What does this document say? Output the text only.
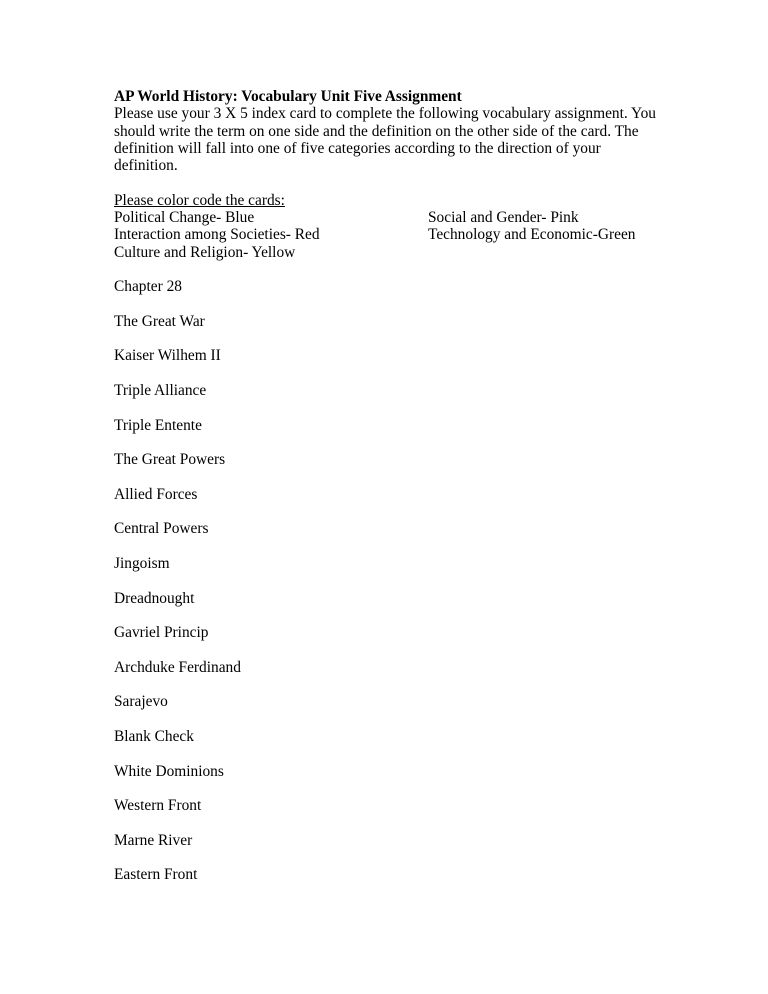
AP World History: Vocabulary Unit Five Assignment
Please use your 3 X 5 index card to complete the following vocabulary assignment. You
should write the term on one side and the definition on the other side of the card. The
definition will fall into one of five categories according to the direction of your
definition.
Please color code the cards:
Political Change- Blue
Interaction among Societies- Red
Culture and Religion- Yellow
Social and Gender- Pink
Technology and Economic-Green
Chapter 28
The Great War
Kaiser Wilhem II
Triple Alliance
Triple Entente
The Great Powers
Allied Forces
Central Powers
Jingoism
Dreadnought
Gavriel Princip
Archduke Ferdinand
Sarajevo
Blank Check
White Dominions
Western Front
Marne River
Eastern Front
